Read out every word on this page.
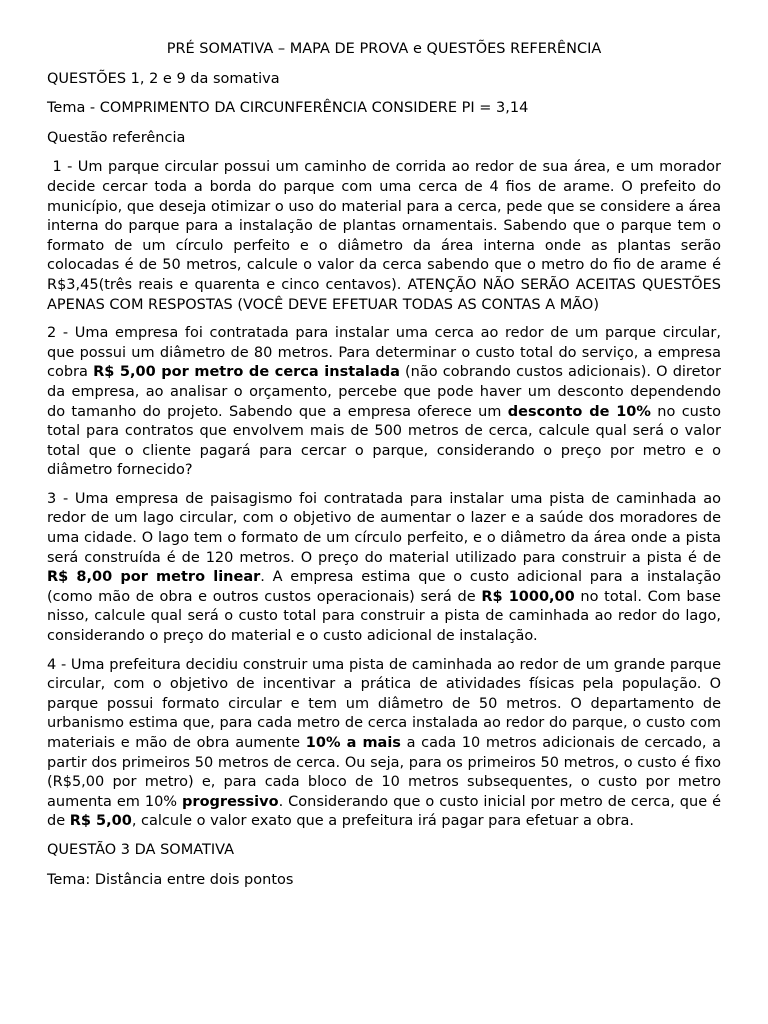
PRÉ SOMATIVA – MAPA DE PROVA e QUESTÕES REFERÊNCIA
QUESTÕES 1, 2 e 9 da somativa
Tema - COMPRIMENTO DA CIRCUNFERÊNCIA CONSIDERE PI = 3,14
Questão referência
1 - Um parque circular possui um caminho de corrida ao redor de sua área, e um morador decide cercar toda a borda do parque com uma cerca de 4 fios de arame. O prefeito do município, que deseja otimizar o uso do material para a cerca, pede que se considere a área interna do parque para a instalação de plantas ornamentais. Sabendo que o parque tem o formato de um círculo perfeito e o diâmetro da área interna onde as plantas serão colocadas é de 50 metros, calcule o valor da cerca sabendo que o metro do fio de arame é R$3,45(três reais e quarenta e cinco centavos). ATENÇÃO NÃO SERÃO ACEITAS QUESTÕES APENAS COM RESPOSTAS (VOCÊ DEVE EFETUAR TODAS AS CONTAS A MÃO)
2 - Uma empresa foi contratada para instalar uma cerca ao redor de um parque circular, que possui um diâmetro de 80 metros. Para determinar o custo total do serviço, a empresa cobra R$ 5,00 por metro de cerca instalada (não cobrando custos adicionais). O diretor da empresa, ao analisar o orçamento, percebe que pode haver um desconto dependendo do tamanho do projeto. Sabendo que a empresa oferece um desconto de 10% no custo total para contratos que envolvem mais de 500 metros de cerca, calcule qual será o valor total que o cliente pagará para cercar o parque, considerando o preço por metro e o diâmetro fornecido?
3 - Uma empresa de paisagismo foi contratada para instalar uma pista de caminhada ao redor de um lago circular, com o objetivo de aumentar o lazer e a saúde dos moradores de uma cidade. O lago tem o formato de um círculo perfeito, e o diâmetro da área onde a pista será construída é de 120 metros. O preço do material utilizado para construir a pista é de R$ 8,00 por metro linear. A empresa estima que o custo adicional para a instalação (como mão de obra e outros custos operacionais) será de R$ 1000,00 no total. Com base nisso, calcule qual será o custo total para construir a pista de caminhada ao redor do lago, considerando o preço do material e o custo adicional de instalação.
4 - Uma prefeitura decidiu construir uma pista de caminhada ao redor de um grande parque circular, com o objetivo de incentivar a prática de atividades físicas pela população. O parque possui formato circular e tem um diâmetro de 50 metros. O departamento de urbanismo estima que, para cada metro de cerca instalada ao redor do parque, o custo com materiais e mão de obra aumente 10% a mais a cada 10 metros adicionais de cercado, a partir dos primeiros 50 metros de cerca. Ou seja, para os primeiros 50 metros, o custo é fixo (R$5,00 por metro) e, para cada bloco de 10 metros subsequentes, o custo por metro aumenta em 10% progressivo. Considerando que o custo inicial por metro de cerca, que é de R$ 5,00, calcule o valor exato que a prefeitura irá pagar para efetuar a obra.
QUESTÃO 3 DA SOMATIVA
Tema: Distância entre dois pontos
